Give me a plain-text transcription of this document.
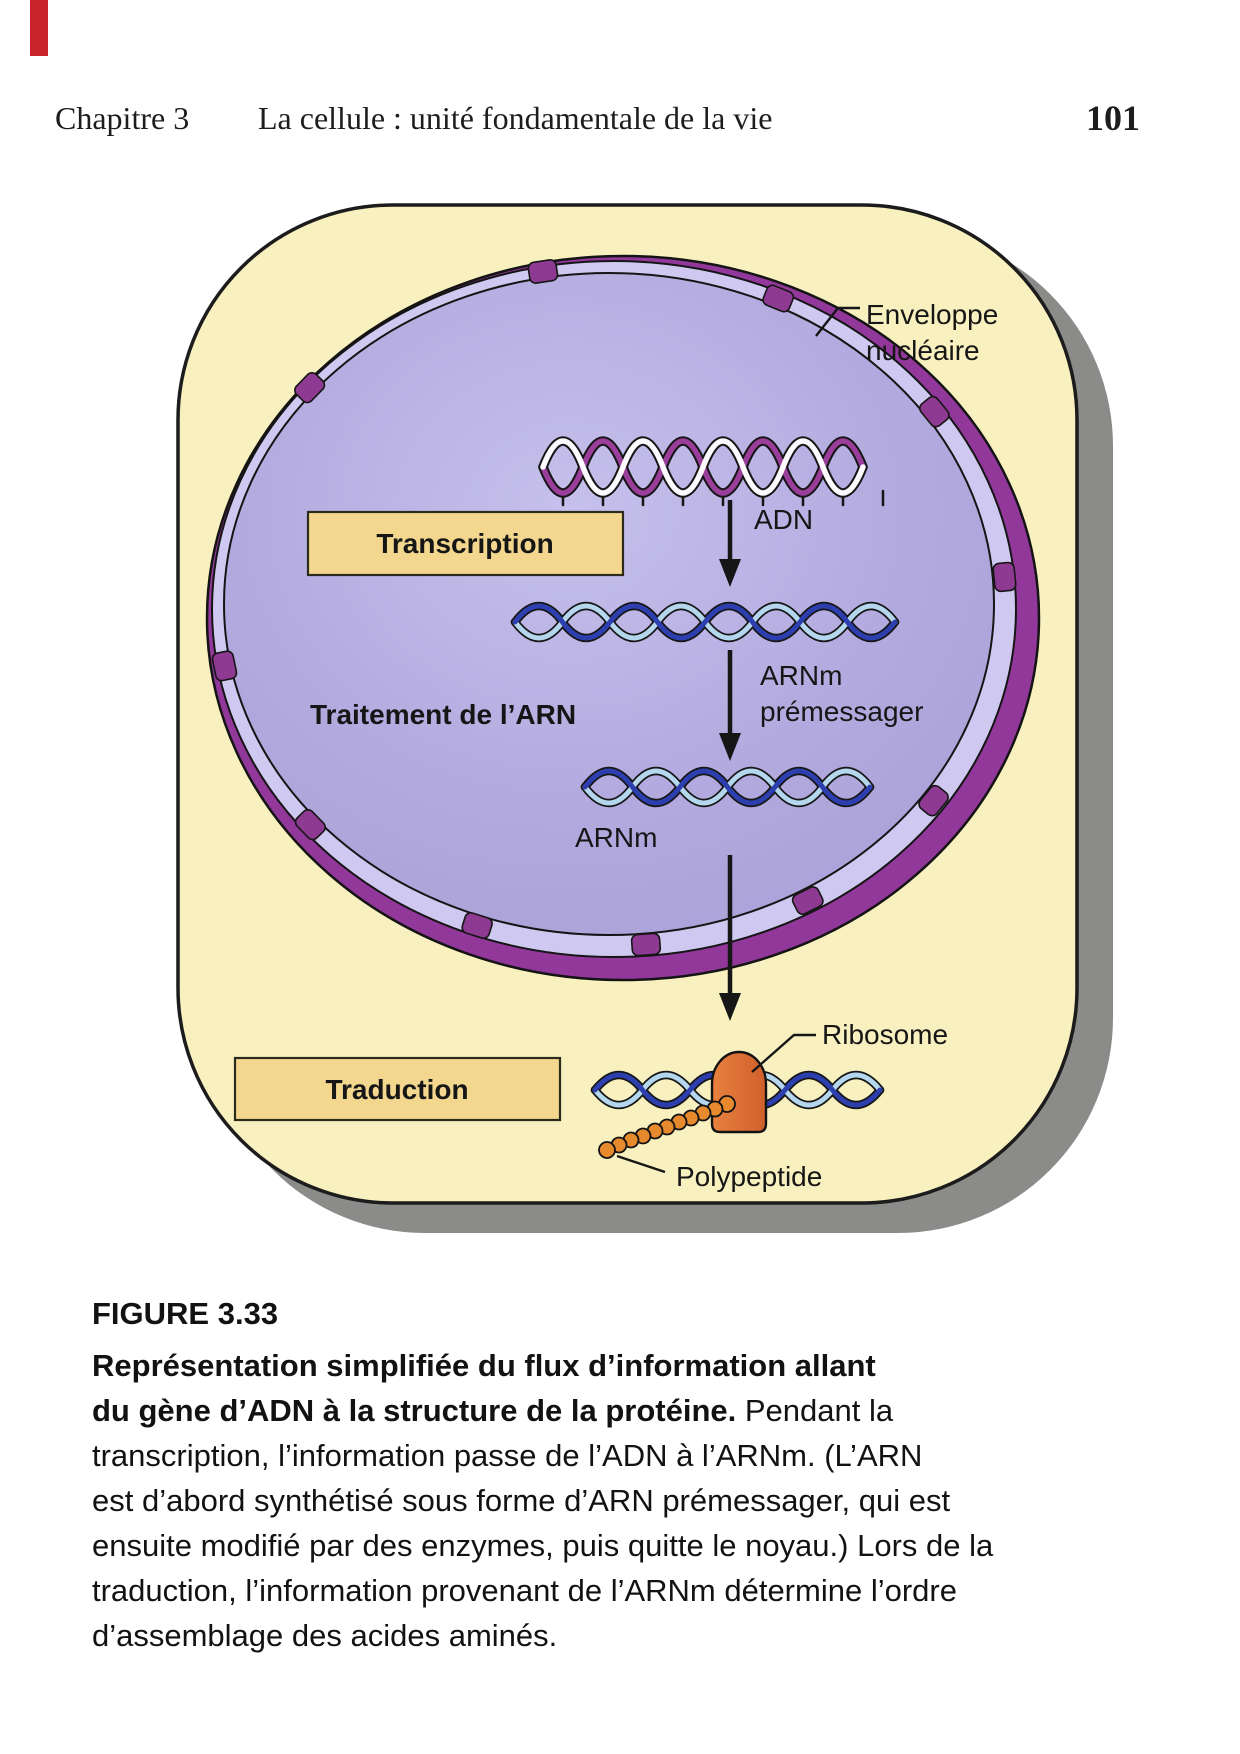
Chapitre 3 La cellule : unité fondamentale de la vie	101
Enveloppe
nucléaire
ADN
Transcription
ARNm
prémessager
Traitement de l’ARN
ARNm
Traduction
Ribosome
Polypeptide
FIGURE 3.33
Représentation simplifiée du flux d’information allant
du gène d’ADN à la structure de la protéine. Pendant la
transcription, l’information passe de l’ADN à l’ARNm. (L’ARN
est d’abord synthétisé sous forme d’ARN prémessager, qui est
ensuite modifié par des enzymes, puis quitte le noyau.) Lors de la
traduction, l’information provenant de l’ARNm détermine l’ordre
d’assemblage des acides aminés.
